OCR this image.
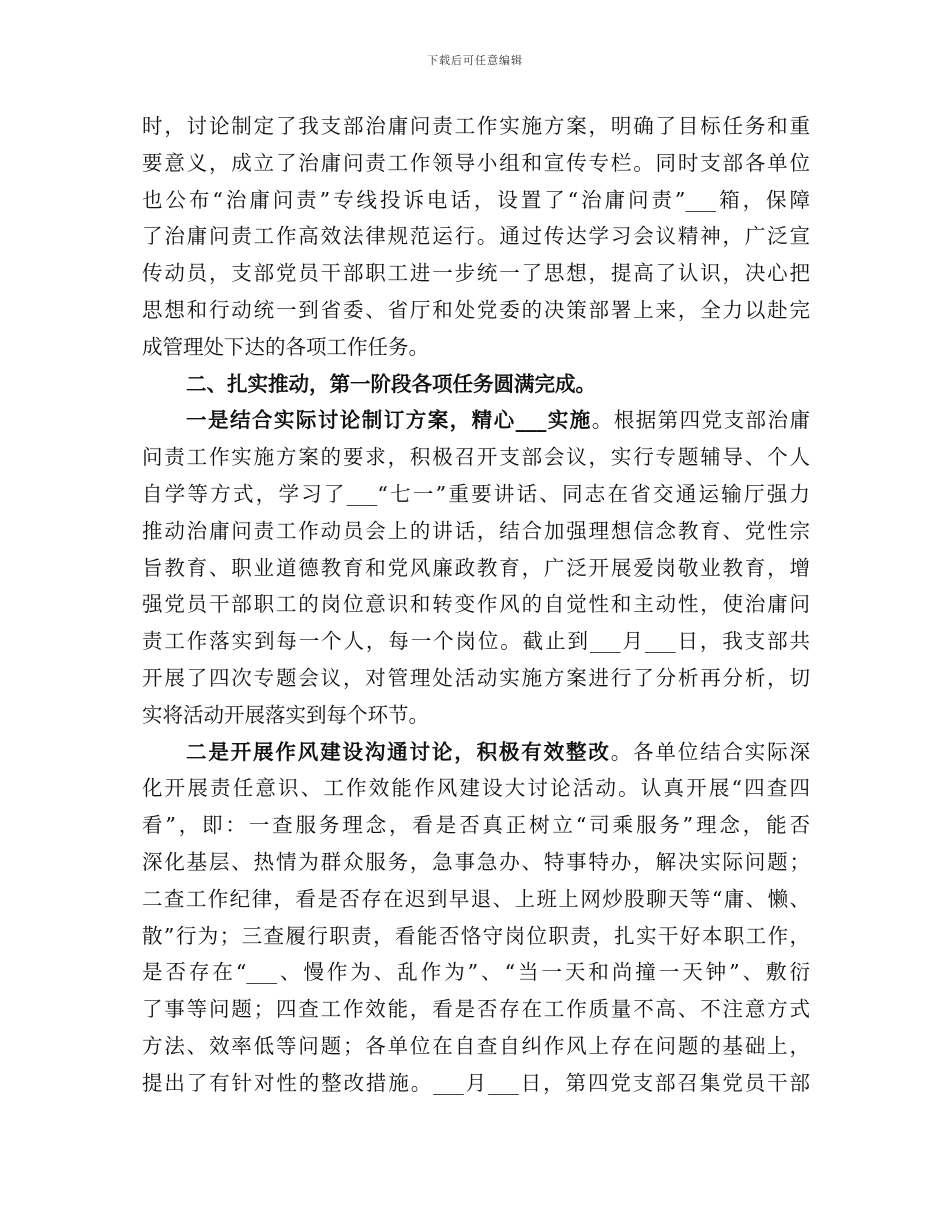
下载后可任意编辑
时，讨论制定了我支部治庸问责工作实施方案，明确了目标任务和重
要意义，成立了治庸问责工作领导小组和宣传专栏。同时支部各单位
也公布“治庸问责”专线投诉电话，设置了“治庸问责”___箱，保障
了治庸问责工作高效法律规范运行。通过传达学习会议精神，广泛宣
传动员，支部党员干部职工进一步统一了思想，提高了认识，决心把
思想和行动统一到省委、省厅和处党委的决策部署上来，全力以赴完
成管理处下达的各项工作任务。
二、扎实推动，第一阶段各项任务圆满完成。
一是结合实际讨论制订方案，精心___实施。根据第四党支部治庸
问责工作实施方案的要求，积极召开支部会议，实行专题辅导、个人
自学等方式，学习了___“七一”重要讲话、同志在省交通运输厅强力
推动治庸问责工作动员会上的讲话，结合加强理想信念教育、党性宗
旨教育、职业道德教育和党风廉政教育，广泛开展爱岗敬业教育，增
强党员干部职工的岗位意识和转变作风的自觉性和主动性，使治庸问
责工作落实到每一个人，每一个岗位。截止到___月___日，我支部共
开展了四次专题会议，对管理处活动实施方案进行了分析再分析，切
实将活动开展落实到每个环节。
二是开展作风建设沟通讨论，积极有效整改。各单位结合实际深
化开展责任意识、工作效能作风建设大讨论活动。认真开展“四查四
看”，即：一查服务理念，看是否真正树立“司乘服务”理念，能否
深化基层、热情为群众服务，急事急办、特事特办，解决实际问题；
二查工作纪律，看是否存在迟到早退、上班上网炒股聊天等“庸、懒、
散”行为；三查履行职责，看能否恪守岗位职责，扎实干好本职工作，
是否存在“___、慢作为、乱作为”、“当一天和尚撞一天钟”、敷衍
了事等问题；四查工作效能，看是否存在工作质量不高、不注意方式
方法、效率低等问题；各单位在自查自纠作风上存在问题的基础上，
提出了有针对性的整改措施。___月___日，第四党支部召集党员干部
